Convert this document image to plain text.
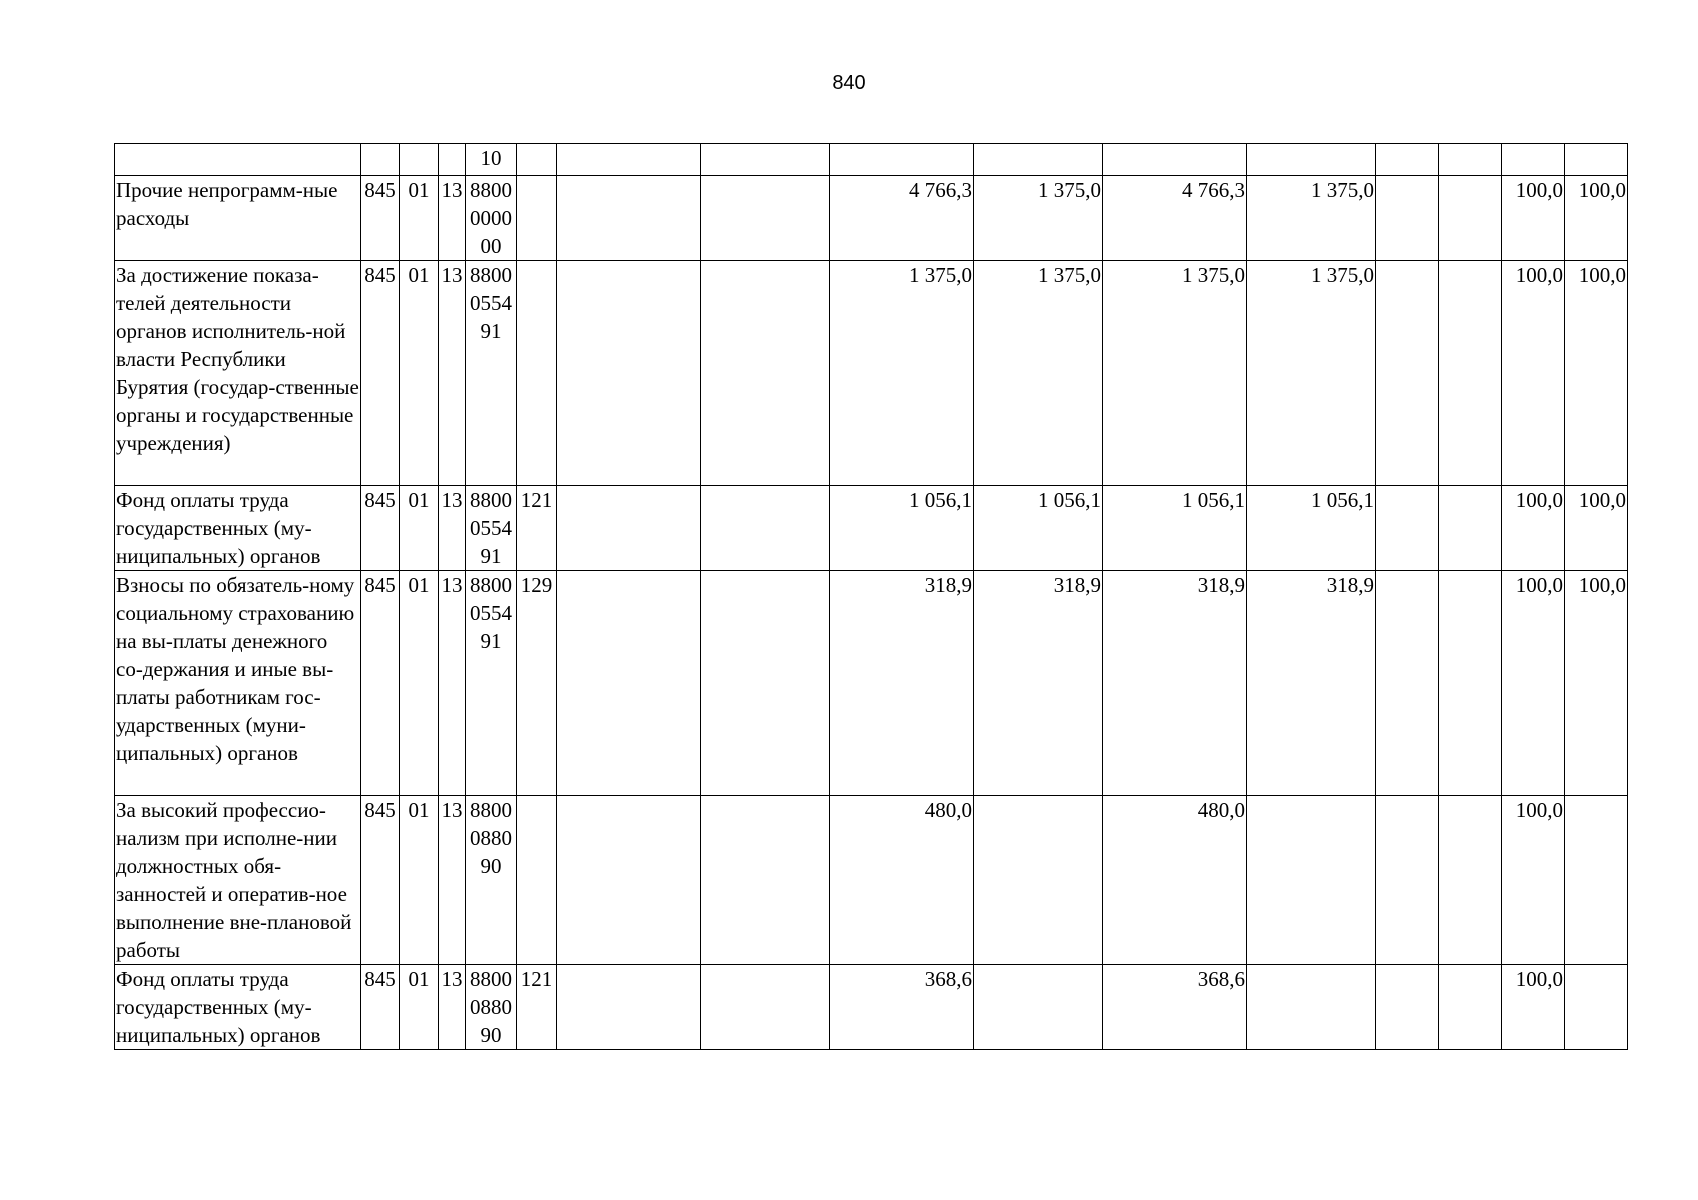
840

				10											

Прочие непрограмм-ные расходы	845	01	13	8800
0000
00				4 766,3	1 375,0	4 766,3	1 375,0			100,0	100,0
За достижение показа-телей деятельности органов исполнитель-ной власти Республики Бурятия (государ-ственные органы и государственные учреждения)	845	01	13	8800
0554
91				1 375,0	1 375,0	1 375,0	1 375,0			100,0	100,0
Фонд оплаты труда государственных (му-ниципальных) органов	845	01	13	8800
0554
91	121			1 056,1	1 056,1	1 056,1	1 056,1			100,0	100,0
Взносы по обязатель-ному социальному страхованию на вы-платы денежного со-держания и иные вы-платы работникам гос-ударственных (муни-ципальных) органов	845	01	13	8800
0554
91	129			318,9	318,9	318,9	318,9			100,0	100,0
За высокий профессио-нализм при исполне-нии должностных обя-занностей и оператив-ное выполнение вне-плановой работы	845	01	13	8800
0880
90				480,0		480,0				100,0	
Фонд оплаты труда государственных (му-ниципальных) органов	845	01	13	8800
0880
90	121			368,6		368,6				100,0	
